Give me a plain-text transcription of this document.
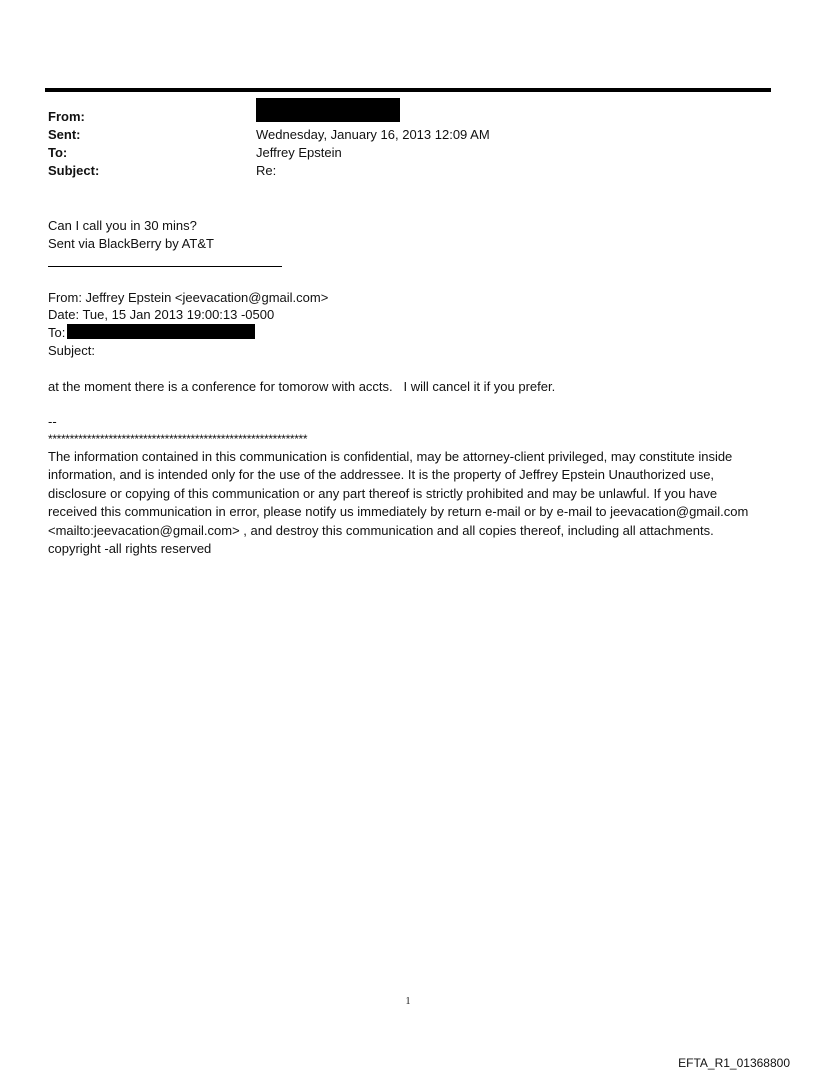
From:
Sent:	Wednesday, January 16, 2013 12:09 AM
To:	Jeffrey Epstein
Subject:	Re:
Can I call you in 30 mins?
Sent via BlackBerry by AT&T
From: Jeffrey Epstein <jeevacation@gmail.com>
Date: Tue, 15 Jan 2013 19:00:13 -0500
To:
Subject:
at the moment there is a conference for tomorow with accts.   I will cancel it if you prefer.
--
************************************************************
The information contained in this communication is confidential, may be attorney-client privileged, may constitute inside information, and is intended only for the use of the addressee. It is the property of Jeffrey Epstein Unauthorized use, disclosure or copying of this communication or any part thereof is strictly prohibited and may be unlawful. If you have received this communication in error, please notify us immediately by return e-mail or by e-mail to jeevacation@gmail.com <mailto:jeevacation@gmail.com> , and destroy this communication and all copies thereof, including all attachments. copyright -all rights reserved
1
EFTA_R1_01368800
